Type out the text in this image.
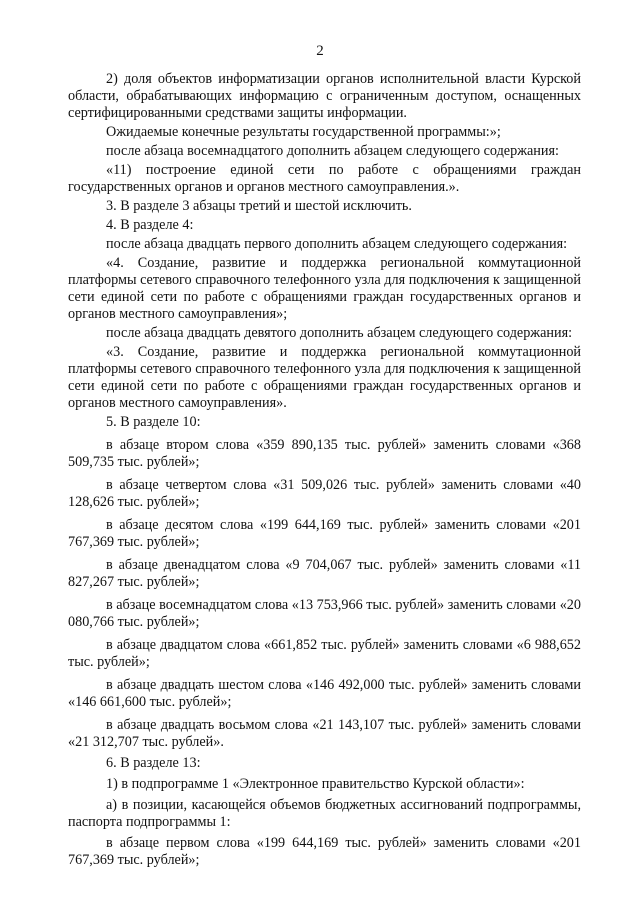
2

2) доля объектов информатизации органов исполнительной власти Курской области, обрабатывающих информацию с ограниченным доступом, оснащенных сертифицированными средствами защиты информации.

Ожидаемые конечные результаты государственной программы:»;

после абзаца восемнадцатого дополнить абзацем следующего содержания:

«11) построение единой сети по работе с обращениями граждан государственных органов и органов местного самоуправления.».

3. В разделе 3 абзацы третий и шестой исключить.

4. В разделе 4:

после абзаца двадцать первого дополнить абзацем следующего содержания:

«4. Создание, развитие и поддержка региональной коммутационной платформы сетевого справочного телефонного узла для подключения к защищенной сети единой сети по работе с обращениями граждан государственных органов и органов местного самоуправления»;

после абзаца двадцать девятого дополнить абзацем следующего содержания:

«3. Создание, развитие и поддержка региональной коммутационной платформы сетевого справочного телефонного узла для подключения к защищенной сети единой сети по работе с обращениями граждан государственных органов и органов местного самоуправления».

5. В разделе 10:

в абзаце втором слова «359 890,135 тыс. рублей» заменить словами «368 509,735 тыс. рублей»;

в абзаце четвертом слова «31 509,026 тыс. рублей» заменить словами «40 128,626 тыс. рублей»;

в абзаце десятом слова «199 644,169 тыс. рублей» заменить словами «201 767,369 тыс. рублей»;

в абзаце двенадцатом слова «9 704,067 тыс. рублей» заменить словами «11 827,267 тыс. рублей»;

в абзаце восемнадцатом слова «13 753,966 тыс. рублей» заменить словами «20 080,766 тыс. рублей»;

в абзаце двадцатом слова «661,852 тыс. рублей» заменить словами «6 988,652 тыс. рублей»;

в абзаце двадцать шестом слова «146 492,000 тыс. рублей» заменить словами «146 661,600 тыс. рублей»;

в абзаце двадцать восьмом слова «21 143,107 тыс. рублей» заменить словами «21 312,707 тыс. рублей».

6. В разделе 13:

1) в подпрограмме 1 «Электронное правительство Курской области»:

а) в позиции, касающейся объемов бюджетных ассигнований подпрограммы, паспорта подпрограммы 1:

в абзаце первом слова «199 644,169 тыс. рублей» заменить словами «201 767,369 тыс. рублей»;
